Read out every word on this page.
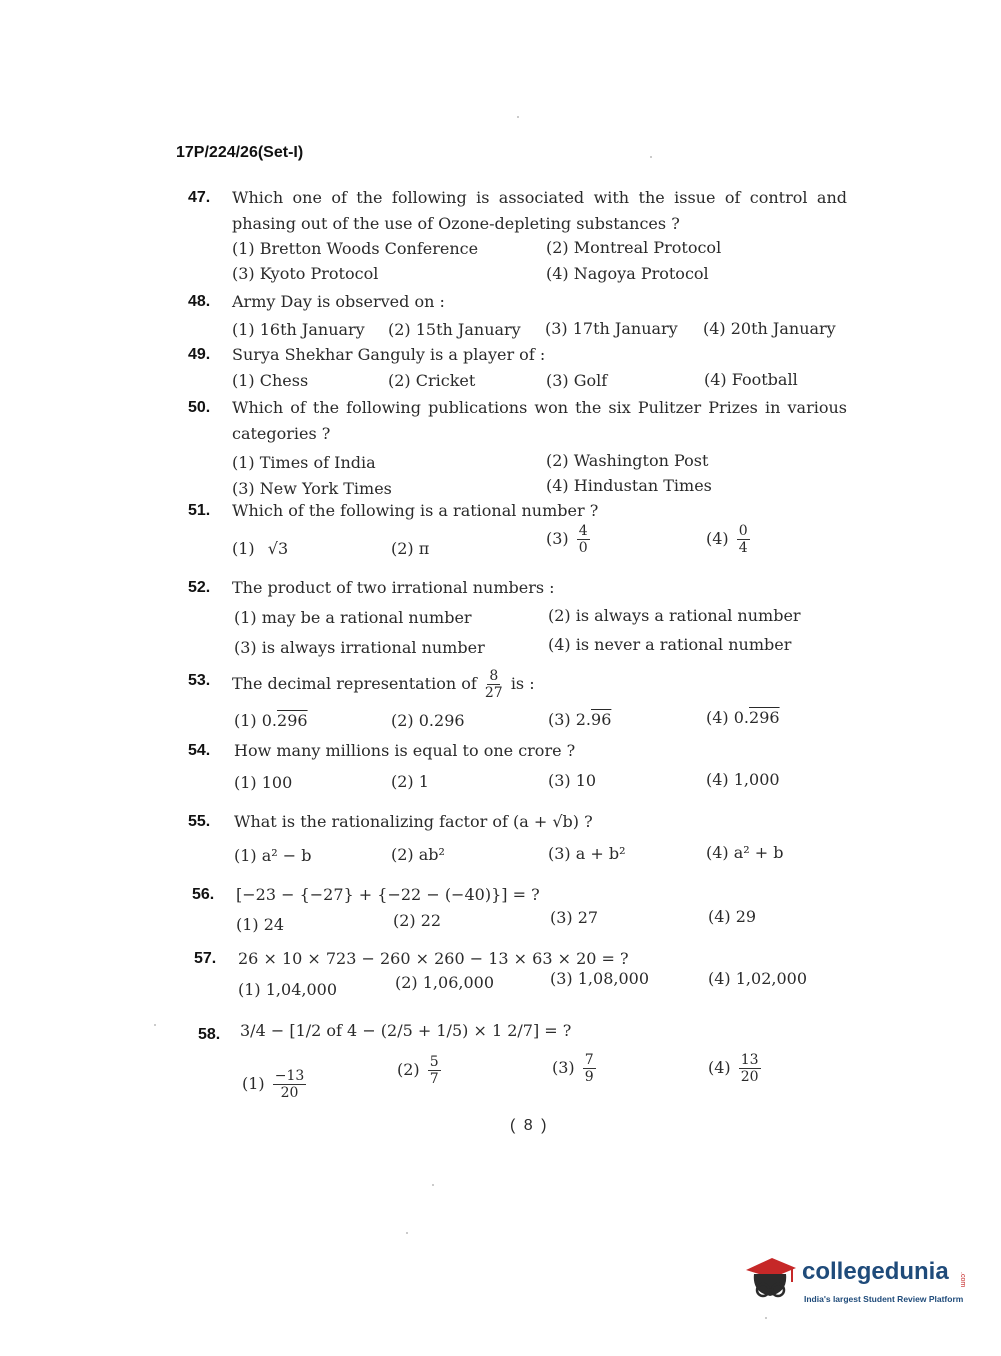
17P/224/26(Set-I)
47. Which one of the following is associated with the issue of control and phasing out of the use of Ozone-depleting substances ?
(1) Bretton Woods Conference	(2) Montreal Protocol
(3) Kyoto Protocol	(4) Nagoya Protocol
48. Army Day is observed on :
(1) 16th January (2) 15th January (3) 17th January (4) 20th January
49. Surya Shekhar Ganguly is a player of :
(1) Chess	(2) Cricket	(3) Golf	(4) Football
50. Which of the following publications won the six Pulitzer Prizes in various categories ?
(1) Times of India	(2) Washington Post
(3) New York Times	(4) Hindustan Times
51. Which of the following is a rational number ?
(1) √3	(2) π
$(3) \frac{4}{0}$	$(4) \frac{0}{4}$
52. The product of two irrational numbers :
(1) may be a rational number	(2) is always a rational number
(3) is always irrational number	(4) is never a rational number
53. The decimal representation of $\frac{8}{27}$ is :
(1) 0.296	(2) 0.296	(3) 2.96	(4) 0.296
54. How many millions is equal to one crore ?
(1) 100	(2) 1	(3) 10	(4) 1,000
55. What is the rationalizing factor of (a + √b) ?
(1) a² − b	(2) ab²	(3) a + b²	(4) a² + b
56. [−23 − {−27} + {−22 − (−40)}] = ?
(1) 24	(2) 22	(3) 27	(4) 29
57. 26 × 10 × 723 − 260 × 260 − 13 × 63 × 20 = ?
(1) 1,04,000	(2) 1,06,000	(3) 1,08,000	(4) 1,02,000
58. 3/4 − [1/2 of 4 − (2/5 + 1/5) × 1 2/7] = ?
$(1) \frac{-13}{20}$	$(2) \frac{5}{7}$	$(3) \frac{7}{9}$	$(4) \frac{13}{20}$
( 8 )
collegedunia .com
India's largest Student Review Platform
